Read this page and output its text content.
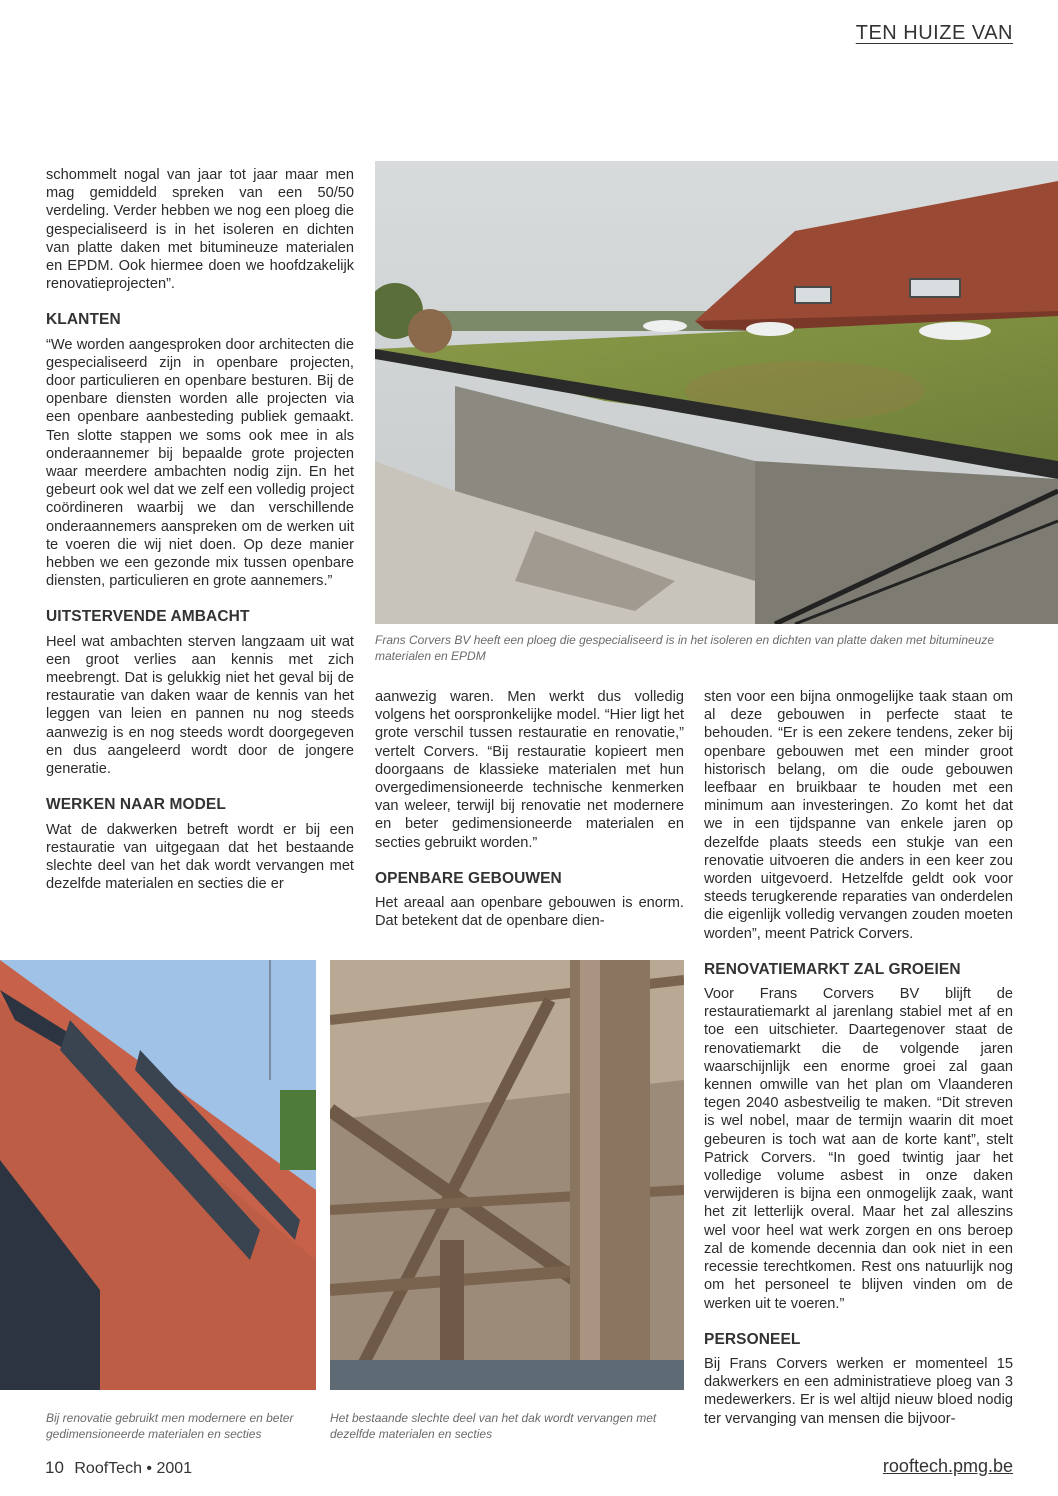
TEN HUIZE VAN

schommelt nogal van jaar tot jaar maar men mag gemiddeld spreken van een 50/50 verdeling. Verder hebben we nog een ploeg die gespecialiseerd is in het isoleren en dichten van platte daken met bitumineuze materialen en EPDM. Ook hiermee doen we hoofdzakelijk renovatieprojecten”.

KLANTEN

“We worden aangesproken door architecten die gespecialiseerd zijn in openbare projecten, door particulieren en openbare besturen. Bij de openbare diensten worden alle projecten via een openbare aanbesteding publiek gemaakt. Ten slotte stappen we soms ook mee in als onderaannemer bij bepaalde grote projecten waar meerdere ambachten nodig zijn. En het gebeurt ook wel dat we zelf een volledig project coördineren waarbij we dan verschillende onderaannemers aanspreken om de werken uit te voeren die wij niet doen. Op deze manier hebben we een gezonde mix tussen openbare diensten, particulieren en grote aannemers.”

UITSTERVENDE AMBACHT

Heel wat ambachten sterven langzaam uit wat een groot verlies aan kennis met zich meebrengt. Dat is gelukkig niet het geval bij de restauratie van daken waar de kennis van het leggen van leien en pannen nu nog steeds aanwezig is en nog steeds wordt doorgegeven en dus aangeleerd wordt door de jongere generatie.

WERKEN NAAR MODEL

Wat de dakwerken betreft wordt er bij een restauratie van uitgegaan dat het bestaande slechte deel van het dak wordt vervangen met dezelfde materialen en secties die er

Frans Corvers BV heeft een ploeg die gespecialiseerd is in het isoleren en dichten van platte daken met bitumineuze materialen en EPDM

aanwezig waren. Men werkt dus volledig volgens het oorspronkelijke model. “Hier ligt het grote verschil tussen restauratie en renovatie,” vertelt Corvers. “Bij restauratie kopieert men doorgaans de klassieke materialen met hun overgedimensioneerde technische kenmerken van weleer, terwijl bij renovatie net modernere en beter gedimensioneerde materialen en secties gebruikt worden.”

OPENBARE GEBOUWEN

Het areaal aan openbare gebouwen is enorm. Dat betekent dat de openbare dien-

sten voor een bijna onmogelijke taak staan om al deze gebouwen in perfecte staat te behouden. “Er is een zekere tendens, zeker bij openbare gebouwen met een minder groot historisch belang, om die oude gebouwen leefbaar en bruikbaar te houden met een minimum aan investeringen. Zo komt het dat we in een tijdspanne van enkele jaren op dezelfde plaats steeds een stukje van een renovatie uitvoeren die anders in een keer zou worden uitgevoerd. Hetzelfde geldt ook voor steeds terugkerende reparaties van onderdelen die eigenlijk volledig vervangen zouden moeten worden”, meent Patrick Corvers.

RENOVATIEMARKT ZAL GROEIEN

Voor Frans Corvers BV blijft de restauratiemarkt al jarenlang stabiel met af en toe een uitschieter. Daartegenover staat de renovatiemarkt die de volgende jaren waarschijnlijk een enorme groei zal gaan kennen omwille van het plan om Vlaanderen tegen 2040 asbestveilig te maken. “Dit streven is wel nobel, maar de termijn waarin dit moet gebeuren is toch wat aan de korte kant”, stelt Patrick Corvers. “In goed twintig jaar het volledige volume asbest in onze daken verwijderen is bijna een onmogelijk zaak, want het zit letterlijk overal. Maar het zal alleszins wel voor heel wat werk zorgen en ons beroep zal de komende decennia dan ook niet in een recessie terechtkomen. Rest ons natuurlijk nog om het personeel te blijven vinden om de werken uit te voeren.”

PERSONEEL

Bij Frans Corvers werken er momenteel 15 dakwerkers en een administratieve ploeg van 3 medewerkers. Er is wel altijd nieuw bloed nodig ter vervanging van mensen die bijvoor-

Bij renovatie gebruikt men modernere en beter gedimensioneerde materialen en secties
Het bestaande slechte deel van het dak wordt vervangen met dezelfde materialen en secties
10 RoofTech • 2001	rooftech.pmg.be
